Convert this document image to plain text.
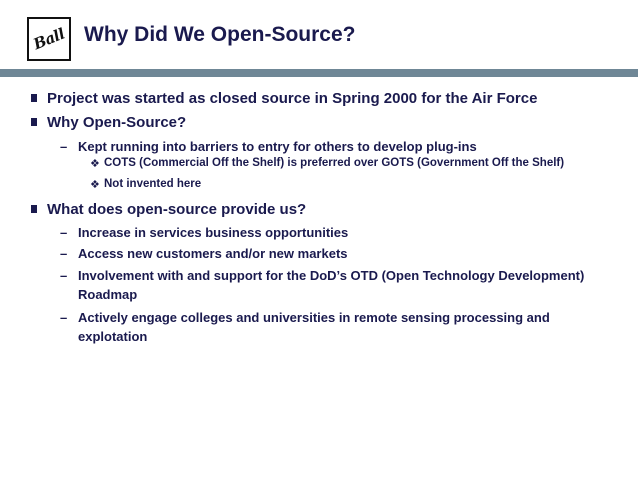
Ball Why Did We Open-Source?
Project was started as closed source in Spring 2000 for the Air Force
Why Open-Source?
– Kept running into barriers to entry for others to develop plug-ins
❖ COTS (Commercial Off the Shelf) is preferred over GOTS (Government Off the Shelf)
❖ Not invented here
What does open-source provide us?
– Increase in services business opportunities
– Access new customers and/or new markets
– Involvement with and support for the DoD’s OTD (Open Technology Development) Roadmap
– Actively engage colleges and universities in remote sensing processing and explotation
